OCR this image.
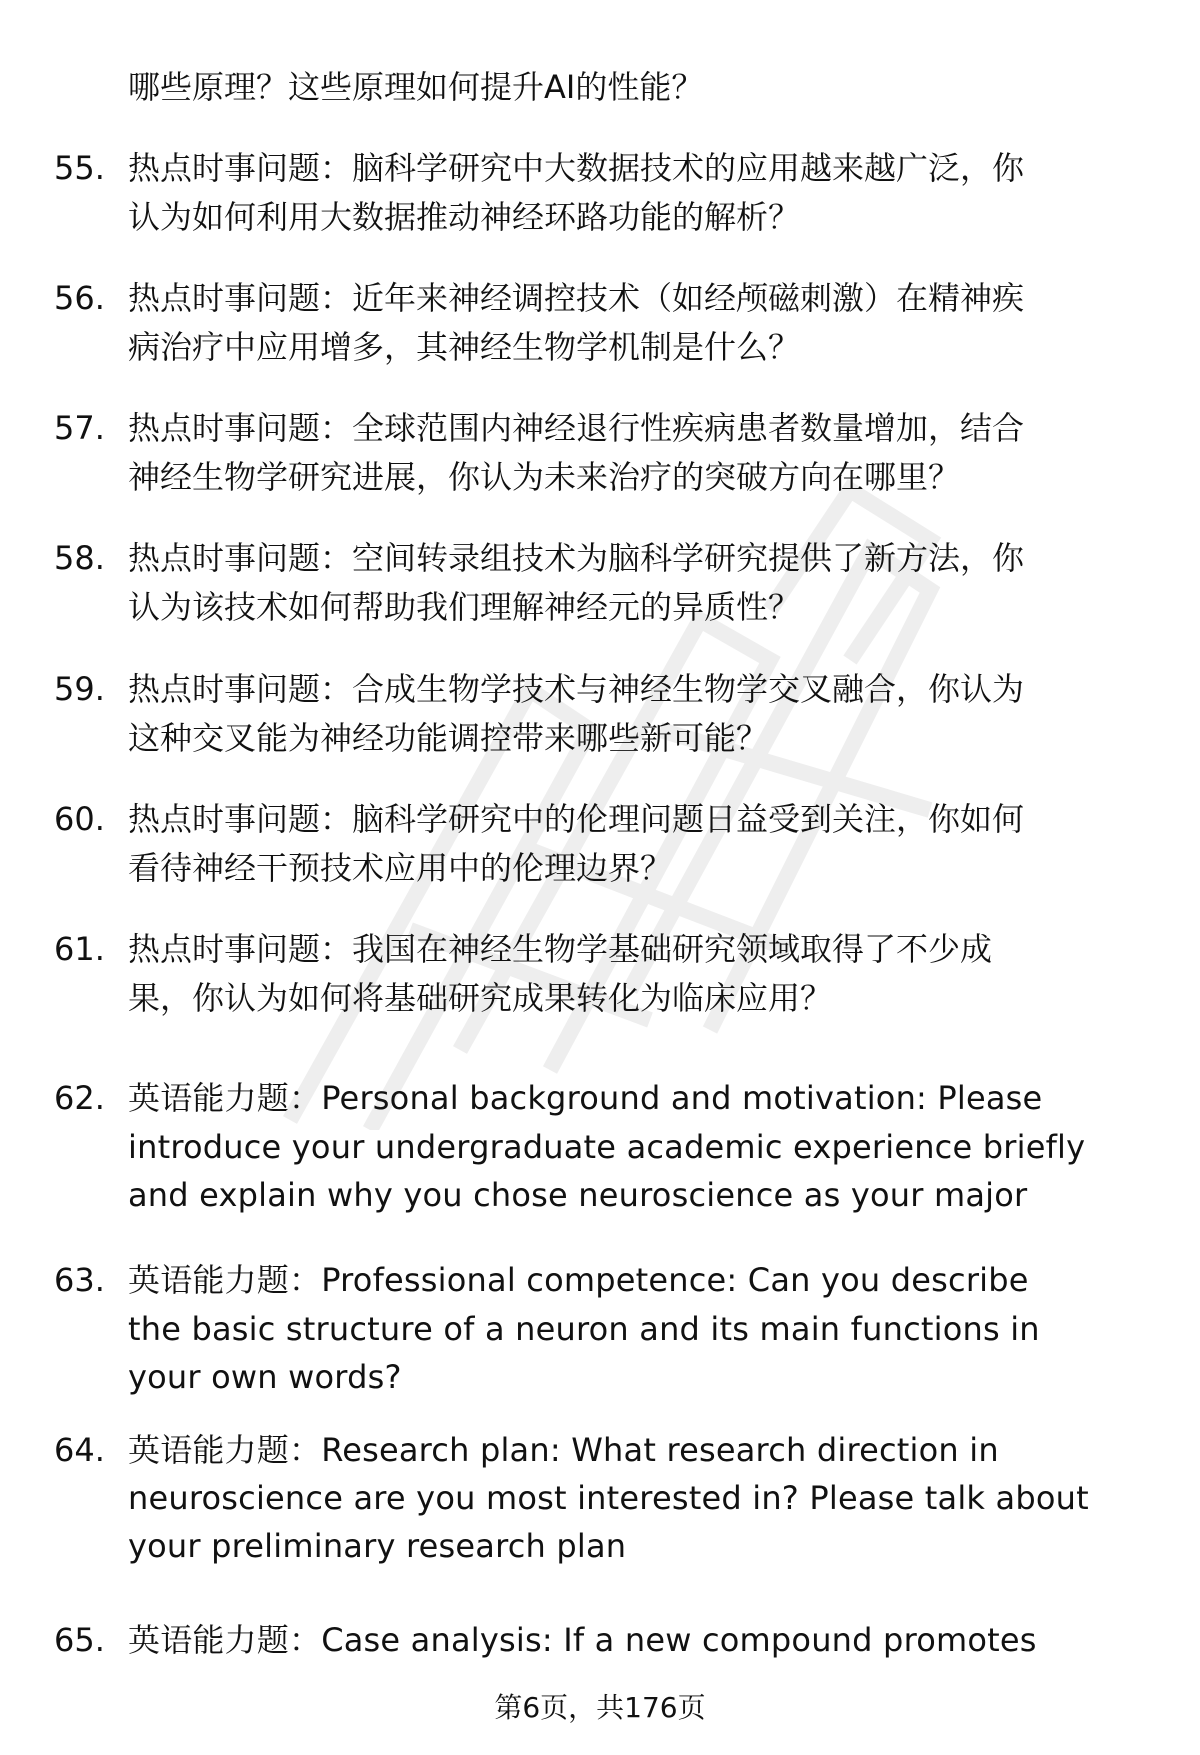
哪些原理？这些原理如何提升AI的性能？
55. 热点时事问题：脑科学研究中大数据技术的应用越来越广泛，你
认为如何利用大数据推动神经环路功能的解析？
56. 热点时事问题：近年来神经调控技术（如经颅磁刺激）在精神疾
病治疗中应用增多，其神经生物学机制是什么？
57. 热点时事问题：全球范围内神经退行性疾病患者数量增加，结合
神经生物学研究进展，你认为未来治疗的突破方向在哪里？
58. 热点时事问题：空间转录组技术为脑科学研究提供了新方法，你
认为该技术如何帮助我们理解神经元的异质性？
59. 热点时事问题：合成生物学技术与神经生物学交叉融合，你认为
这种交叉能为神经功能调控带来哪些新可能？
60. 热点时事问题：脑科学研究中的伦理问题日益受到关注，你如何
看待神经干预技术应用中的伦理边界？
61. 热点时事问题：我国在神经生物学基础研究领域取得了不少成
果，你认为如何将基础研究成果转化为临床应用？
62. 英语能力题：Personal background and motivation: Please
introduce your undergraduate academic experience briefly
and explain why you chose neuroscience as your major
63. 英语能力题：Professional competence: Can you describe
the basic structure of a neuron and its main functions in
your own words?
64. 英语能力题：Research plan: What research direction in
neuroscience are you most interested in? Please talk about
your preliminary research plan
65. 英语能力题：Case analysis: If a new compound promotes
第6页，共176页
